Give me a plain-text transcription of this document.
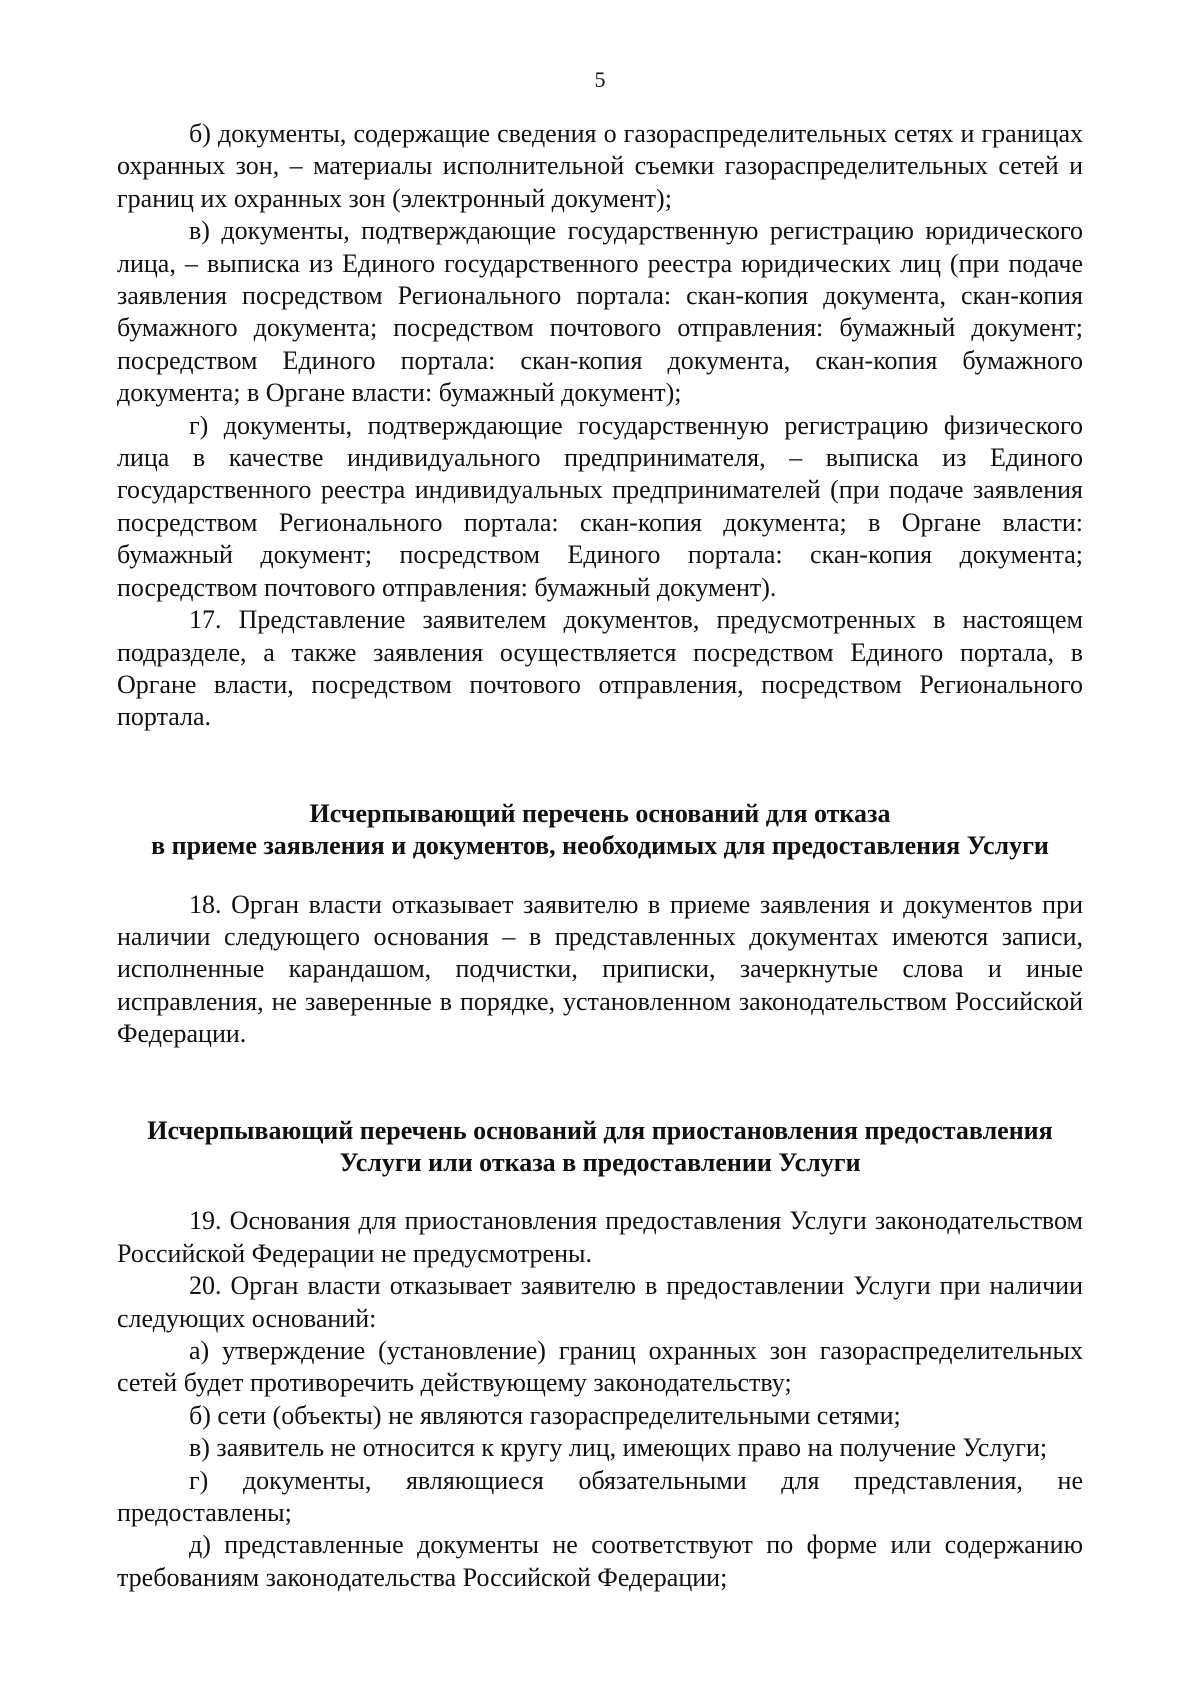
5

б) документы, содержащие сведения о газораспределительных сетях и границах охранных зон, – материалы исполнительной съемки газораспределительных сетей и границ их охранных зон (электронный документ);

в) документы, подтверждающие государственную регистрацию юридического лица, – выписка из Единого государственного реестра юридических лиц (при подаче заявления посредством Регионального портала: скан-копия документа, скан-копия бумажного документа; посредством почтового отправления: бумажный документ; посредством Единого портала: скан-копия документа, скан-копия бумажного документа; в Органе власти: бумажный документ);

г) документы, подтверждающие государственную регистрацию физического лица в качестве индивидуального предпринимателя, – выписка из Единого государственного реестра индивидуальных предпринимателей (при подаче заявления посредством Регионального портала: скан-копия документа; в Органе власти: бумажный документ; посредством Единого портала: скан-копия документа; посредством почтового отправления: бумажный документ).

17. Представление заявителем документов, предусмотренных в настоящем подразделе, а также заявления осуществляется посредством Единого портала, в Органе власти, посредством почтового отправления, посредством Регионального портала.

Исчерпывающий перечень оснований для отказа
в приеме заявления и документов, необходимых для предоставления Услуги

18. Орган власти отказывает заявителю в приеме заявления и документов при наличии следующего основания – в представленных документах имеются записи, исполненные карандашом, подчистки, приписки, зачеркнутые слова и иные исправления, не заверенные в порядке, установленном законодательством Российской Федерации.

Исчерпывающий перечень оснований для приостановления предоставления
Услуги или отказа в предоставлении Услуги

19. Основания для приостановления предоставления Услуги законодательством Российской Федерации не предусмотрены.

20. Орган власти отказывает заявителю в предоставлении Услуги при наличии следующих оснований:

а) утверждение (установление) границ охранных зон газораспределительных сетей будет противоречить действующему законодательству;

б) сети (объекты) не являются газораспределительными сетями;

в) заявитель не относится к кругу лиц, имеющих право на получение Услуги;

г) документы, являющиеся обязательными для представления, не предоставлены;

д) представленные документы не соответствуют по форме или содержанию требованиям законодательства Российской Федерации;
